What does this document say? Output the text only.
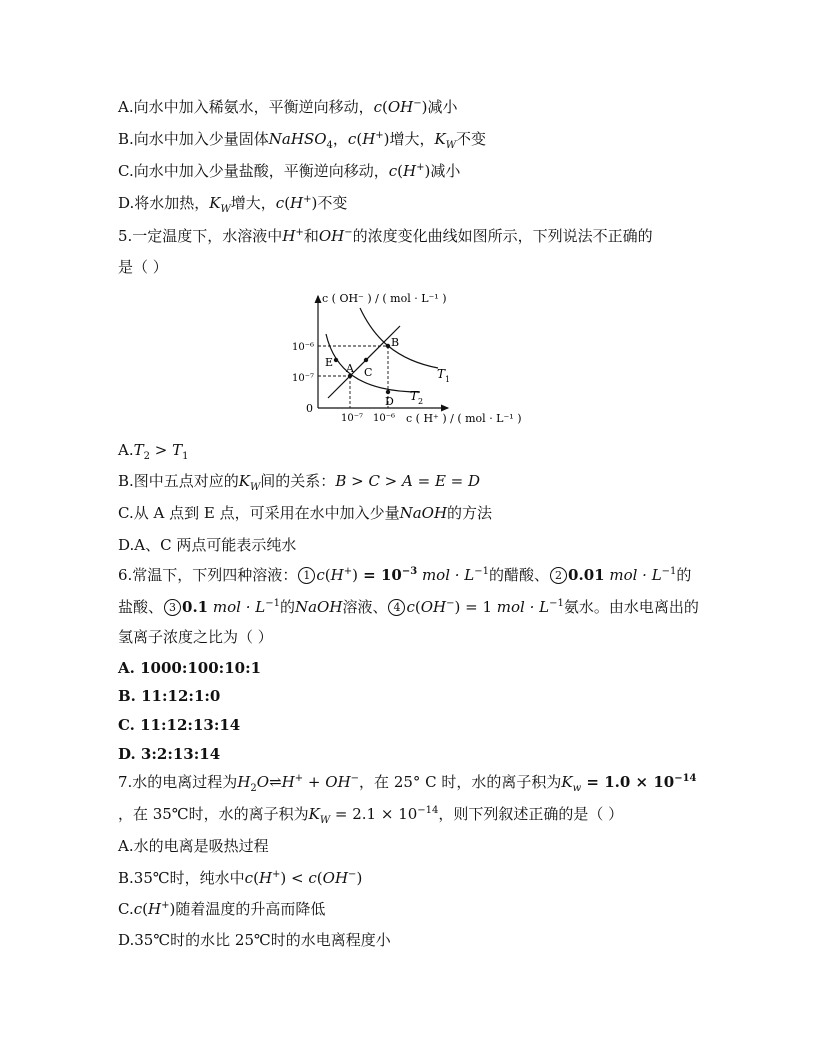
A.向水中加入稀氨水，平衡逆向移动，c(OH−)减小
B.向水中加入少量固体NaHSO$_4$，c(H+)增大，$K_W$不变
C.向水中加入少量盐酸，平衡逆向移动，c(H+)减小
D.将水加热，$K_W$增大，c(H+)不变
5.一定温度下，水溶液中H+和OH−的浓度变化曲线如图所示，下列说法不正确的
是（ ）
c ( OH⁻ ) / ( mol · L⁻¹ )
c ( H⁺ ) / ( mol · L⁻¹ )
0
10⁻⁶
10⁻⁷
10⁻⁷ 10⁻⁶
A
B
C
D
E
$T_1$
$T_2$
$A.T_2 > T_1$
B.图中五点对应的$K_W$间的关系：B > C > A = E = D
C.从 A 点到 E 点，可采用在水中加入少量NaOH的方法
D.A、C 两点可能表示纯水
6.常温下，下列四种溶液： 1 $c(H^+) = 10^{-3}$ mol · $L^{-1}$的醋酸、 2 0.01 mol · $L^{-1}$的
盐酸、 3 0.1 mol · $L^{-1}$的NaOH溶液、 4 c(OH−) = 1 mol · $L^{-1}$氨水。由水电离出的
氢离子浓度之比为（ ）
A. 1000:100:10:1
B. 11:12:1:0
C. 11:12:13:14
D. 3:2:13:14
7.水的电离过程为$H_2O\rightleftharpoons H^+ + OH^-$，在 25° C 时，水的离子积为$K_w = 1.0 \times 10^{-14}$
，在 35℃时，水的离子积为$K_W = 2.1 \times 10^{-14}$，则下列叙述正确的是（ ）
A.水的电离是吸热过程
B.35℃时，纯水中c(H+) < c(OH−)
C.c(H+)随着温度的升高而降低
D.35℃时的水比 25℃时的水电离程度小
